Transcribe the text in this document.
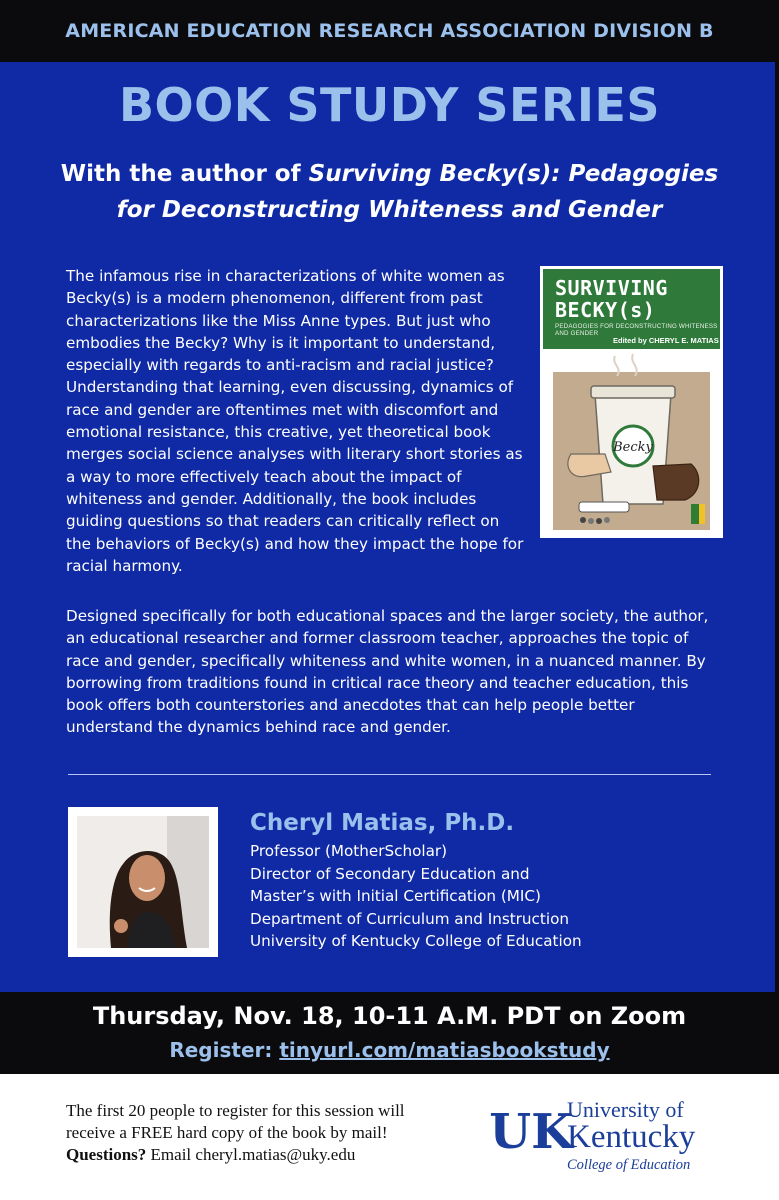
AMERICAN EDUCATION RESEARCH ASSOCIATION DIVISION B
BOOK STUDY SERIES
With the author of Surviving Becky(s): Pedagogies for Deconstructing Whiteness and Gender

The infamous rise in characterizations of white women as Becky(s) is a modern phenomenon, different from past characterizations like the Miss Anne types. But just who embodies the Becky? Why is it important to understand, especially with regards to anti-racism and racial justice? Understanding that learning, even discussing, dynamics of race and gender are oftentimes met with discomfort and emotional resistance, this creative, yet theoretical book merges social science analyses with literary short stories as a way to more effectively teach about the impact of whiteness and gender. Additionally, the book includes guiding questions so that readers can critically reflect on the behaviors of Becky(s) and how they impact the hope for racial harmony.

SURVIVING
BECKY(s)
PEDAGOGIES FOR DECONSTRUCTING WHITENESS AND GENDER
Edited by CHERYL E. MATIAS
Becky

Designed specifically for both educational spaces and the larger society, the author, an educational researcher and former classroom teacher, approaches the topic of race and gender, specifically whiteness and white women, in a nuanced manner. By borrowing from traditions found in critical race theory and teacher education, this book offers both counterstories and anecdotes that can help people better understand the dynamics behind race and gender.

Cheryl Matias, Ph.D.
Professor (MotherScholar)
Director of Secondary Education and
Master’s with Initial Certification (MIC)
Department of Curriculum and Instruction
University of Kentucky College of Education
Thursday, Nov. 18, 10-11 A.M. PDT on Zoom
Register: tinyurl.com/matiasbookstudy
The first 20 people to register for this session will
receive a FREE hard copy of the book by mail!
Questions? Email cheryl.matias@uky.edu	UK
University of
Kentucky
College of Education
